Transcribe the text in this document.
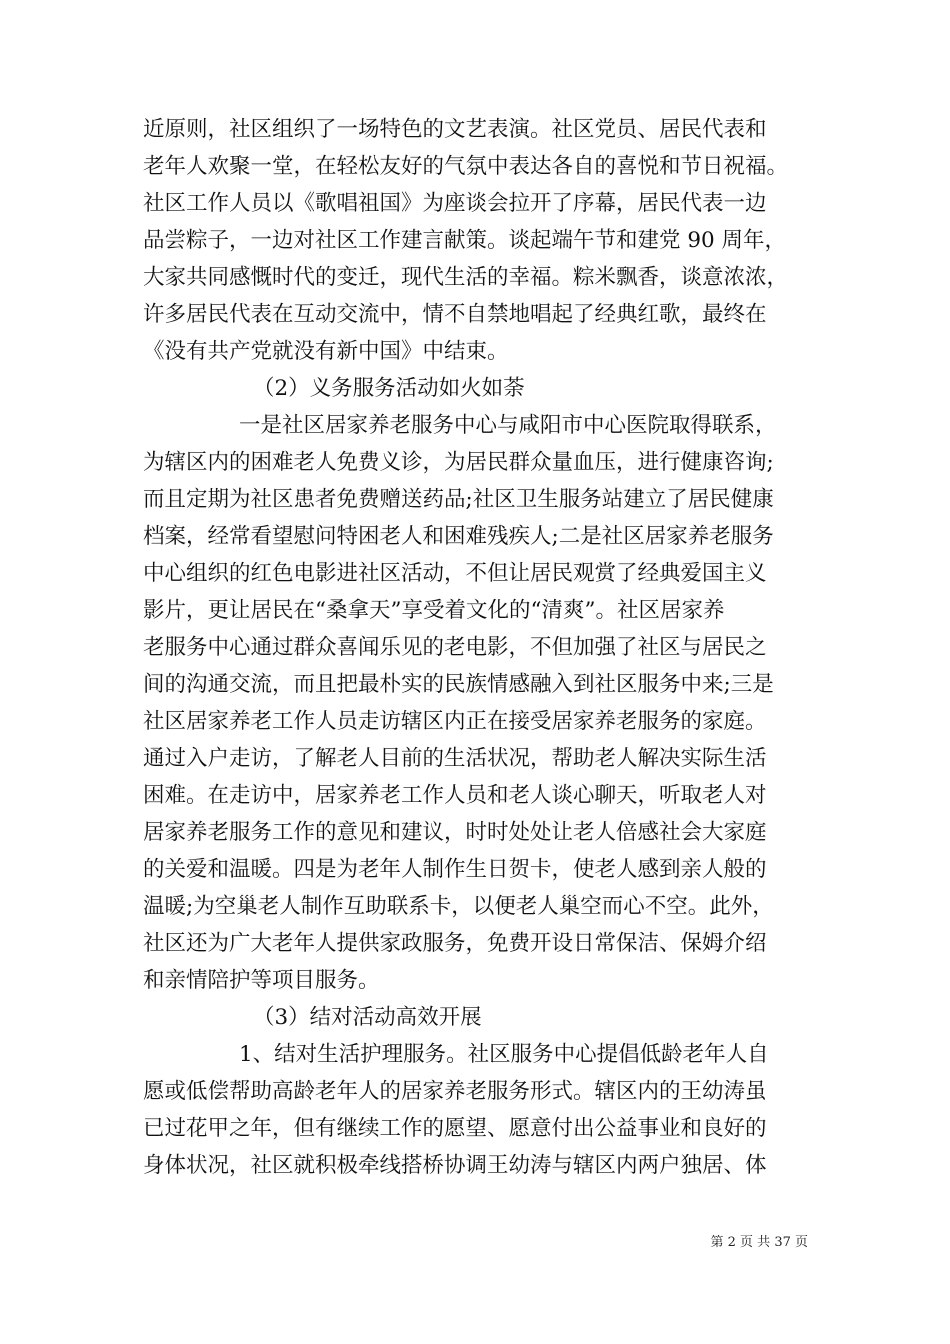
近原则，社区组织了一场特色的文艺表演。社区党员、居民代表和
老年人欢聚一堂，在轻松友好的气氛中表达各自的喜悦和节日祝福。
社区工作人员以《歌唱祖国》为座谈会拉开了序幕，居民代表一边
品尝粽子，一边对社区工作建言献策。谈起端午节和建党 90 周年，
大家共同感慨时代的变迁，现代生活的幸福。粽米飘香，谈意浓浓，
许多居民代表在互动交流中，情不自禁地唱起了经典红歌，最终在
《没有共产党就没有新中国》中结束。
（2）义务服务活动如火如荼
一是社区居家养老服务中心与咸阳市中心医院取得联系，
为辖区内的困难老人免费义诊，为居民群众量血压，进行健康咨询;
而且定期为社区患者免费赠送药品;社区卫生服务站建立了居民健康
档案，经常看望慰问特困老人和困难残疾人;二是社区居家养老服务
中心组织的红色电影进社区活动，不但让居民观赏了经典爱国主义
影片，更让居民在“桑拿天”享受着文化的“清爽”。社区居家养
老服务中心通过群众喜闻乐见的老电影，不但加强了社区与居民之
间的沟通交流，而且把最朴实的民族情感融入到社区服务中来;三是
社区居家养老工作人员走访辖区内正在接受居家养老服务的家庭。
通过入户走访，了解老人目前的生活状况，帮助老人解决实际生活
困难。在走访中，居家养老工作人员和老人谈心聊天，听取老人对
居家养老服务工作的意见和建议，时时处处让老人倍感社会大家庭
的关爱和温暖。四是为老年人制作生日贺卡，使老人感到亲人般的
温暖;为空巢老人制作互助联系卡，以便老人巢空而心不空。此外，
社区还为广大老年人提供家政服务，免费开设日常保洁、保姆介绍
和亲情陪护等项目服务。
（3）结对活动高效开展
1、结对生活护理服务。社区服务中心提倡低龄老年人自
愿或低偿帮助高龄老年人的居家养老服务形式。辖区内的王幼涛虽
已过花甲之年，但有继续工作的愿望、愿意付出公益事业和良好的
身体状况，社区就积极牵线搭桥协调王幼涛与辖区内两户独居、体
第 2 页 共 37 页
